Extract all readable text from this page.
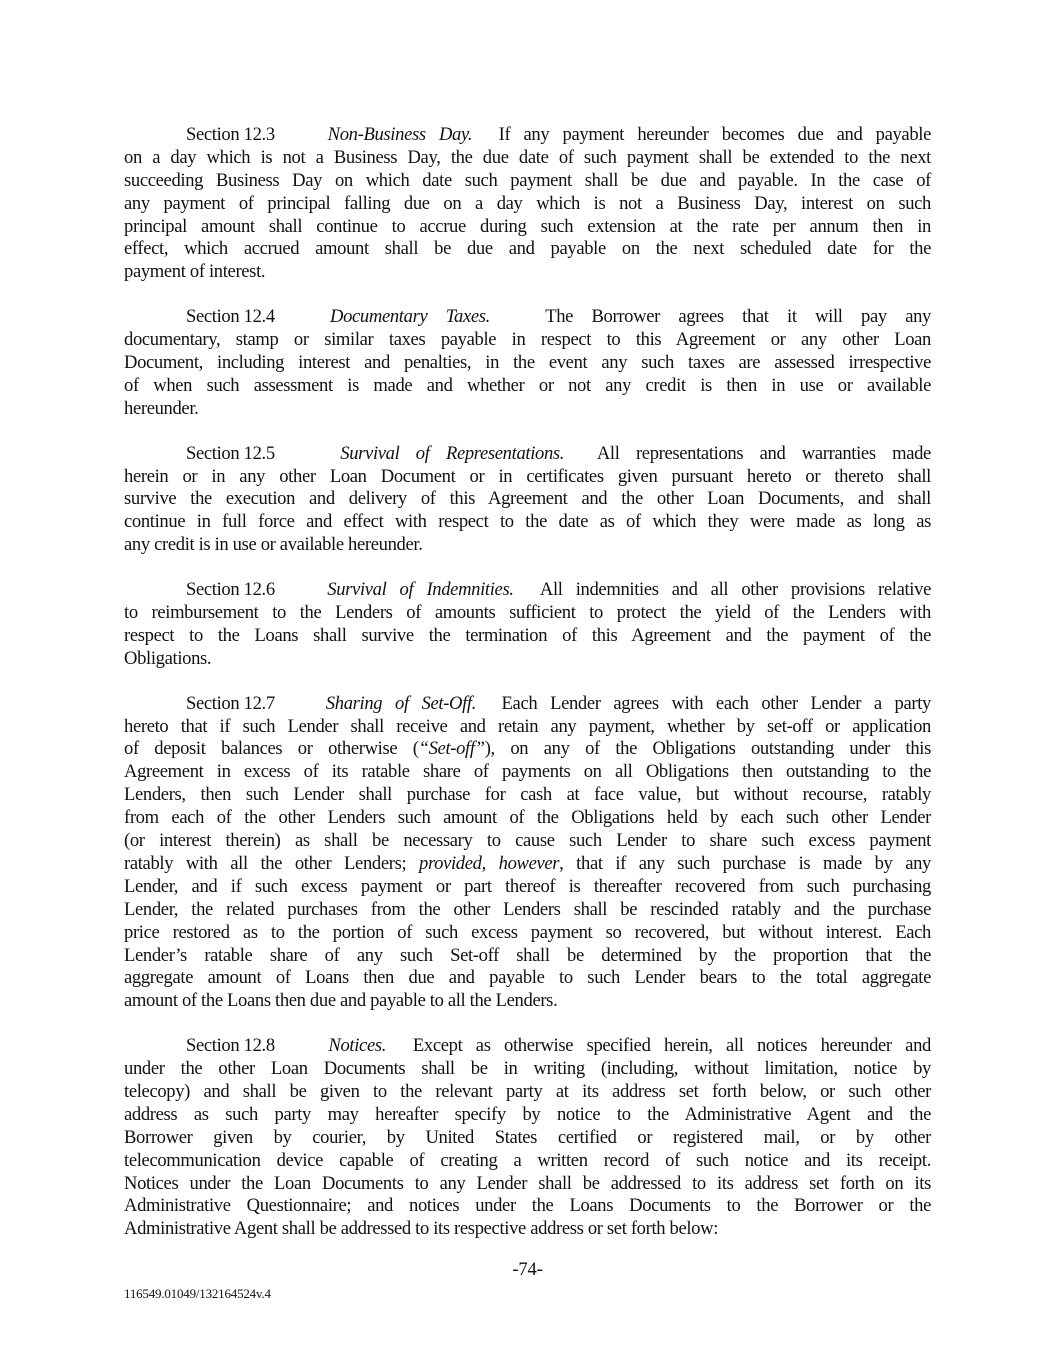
Section 12.3	Non-Business Day. If any payment hereunder becomes due and payable
on a day which is not a Business Day, the due date of such payment shall be extended to the next
succeeding Business Day on which date such payment shall be due and payable. In the case of
any payment of principal falling due on a day which is not a Business Day, interest on such
principal amount shall continue to accrue during such extension at the rate per annum then in
effect, which accrued amount shall be due and payable on the next scheduled date for the
payment of interest.
Section 12.4	Documentary Taxes.	The Borrower agrees that it will pay any
documentary, stamp or similar taxes payable in respect to this Agreement or any other Loan
Document, including interest and penalties, in the event any such taxes are assessed irrespective
of when such assessment is made and whether or not any credit is then in use or available
hereunder.
Section 12.5	Survival of Representations. All representations and warranties made
herein or in any other Loan Document or in certificates given pursuant hereto or thereto shall
survive the execution and delivery of this Agreement and the other Loan Documents, and shall
continue in full force and effect with respect to the date as of which they were made as long as
any credit is in use or available hereunder.
Section 12.6	Survival of Indemnities. All indemnities and all other provisions relative
to reimbursement to the Lenders of amounts sufficient to protect the yield of the Lenders with
respect to the Loans shall survive the termination of this Agreement and the payment of the
Obligations.
Section 12.7	Sharing of Set-Off. Each Lender agrees with each other Lender a party
hereto that if such Lender shall receive and retain any payment, whether by set-off or application
of deposit balances or otherwise (“Set-off”), on any of the Obligations outstanding under this
Agreement in excess of its ratable share of payments on all Obligations then outstanding to the
Lenders, then such Lender shall purchase for cash at face value, but without recourse, ratably
from each of the other Lenders such amount of the Obligations held by each such other Lender
(or interest therein) as shall be necessary to cause such Lender to share such excess payment
ratably with all the other Lenders; provided, however, that if any such purchase is made by any
Lender, and if such excess payment or part thereof is thereafter recovered from such purchasing
Lender, the related purchases from the other Lenders shall be rescinded ratably and the purchase
price restored as to the portion of such excess payment so recovered, but without interest. Each
Lender’s ratable share of any such Set-off shall be determined by the proportion that the
aggregate amount of Loans then due and payable to such Lender bears to the total aggregate
amount of the Loans then due and payable to all the Lenders.
Section 12.8	Notices. Except as otherwise specified herein, all notices hereunder and
under the other Loan Documents shall be in writing (including, without limitation, notice by
telecopy) and shall be given to the relevant party at its address set forth below, or such other
address as such party may hereafter specify by notice to the Administrative Agent and the
Borrower given by courier, by United States certified or registered mail, or by other
telecommunication device capable of creating a written record of such notice and its receipt.
Notices under the Loan Documents to any Lender shall be addressed to its address set forth on its
Administrative Questionnaire; and notices under the Loans Documents to the Borrower or the
Administrative Agent shall be addressed to its respective address or set forth below:
-74-
116549.01049/132164524v.4
